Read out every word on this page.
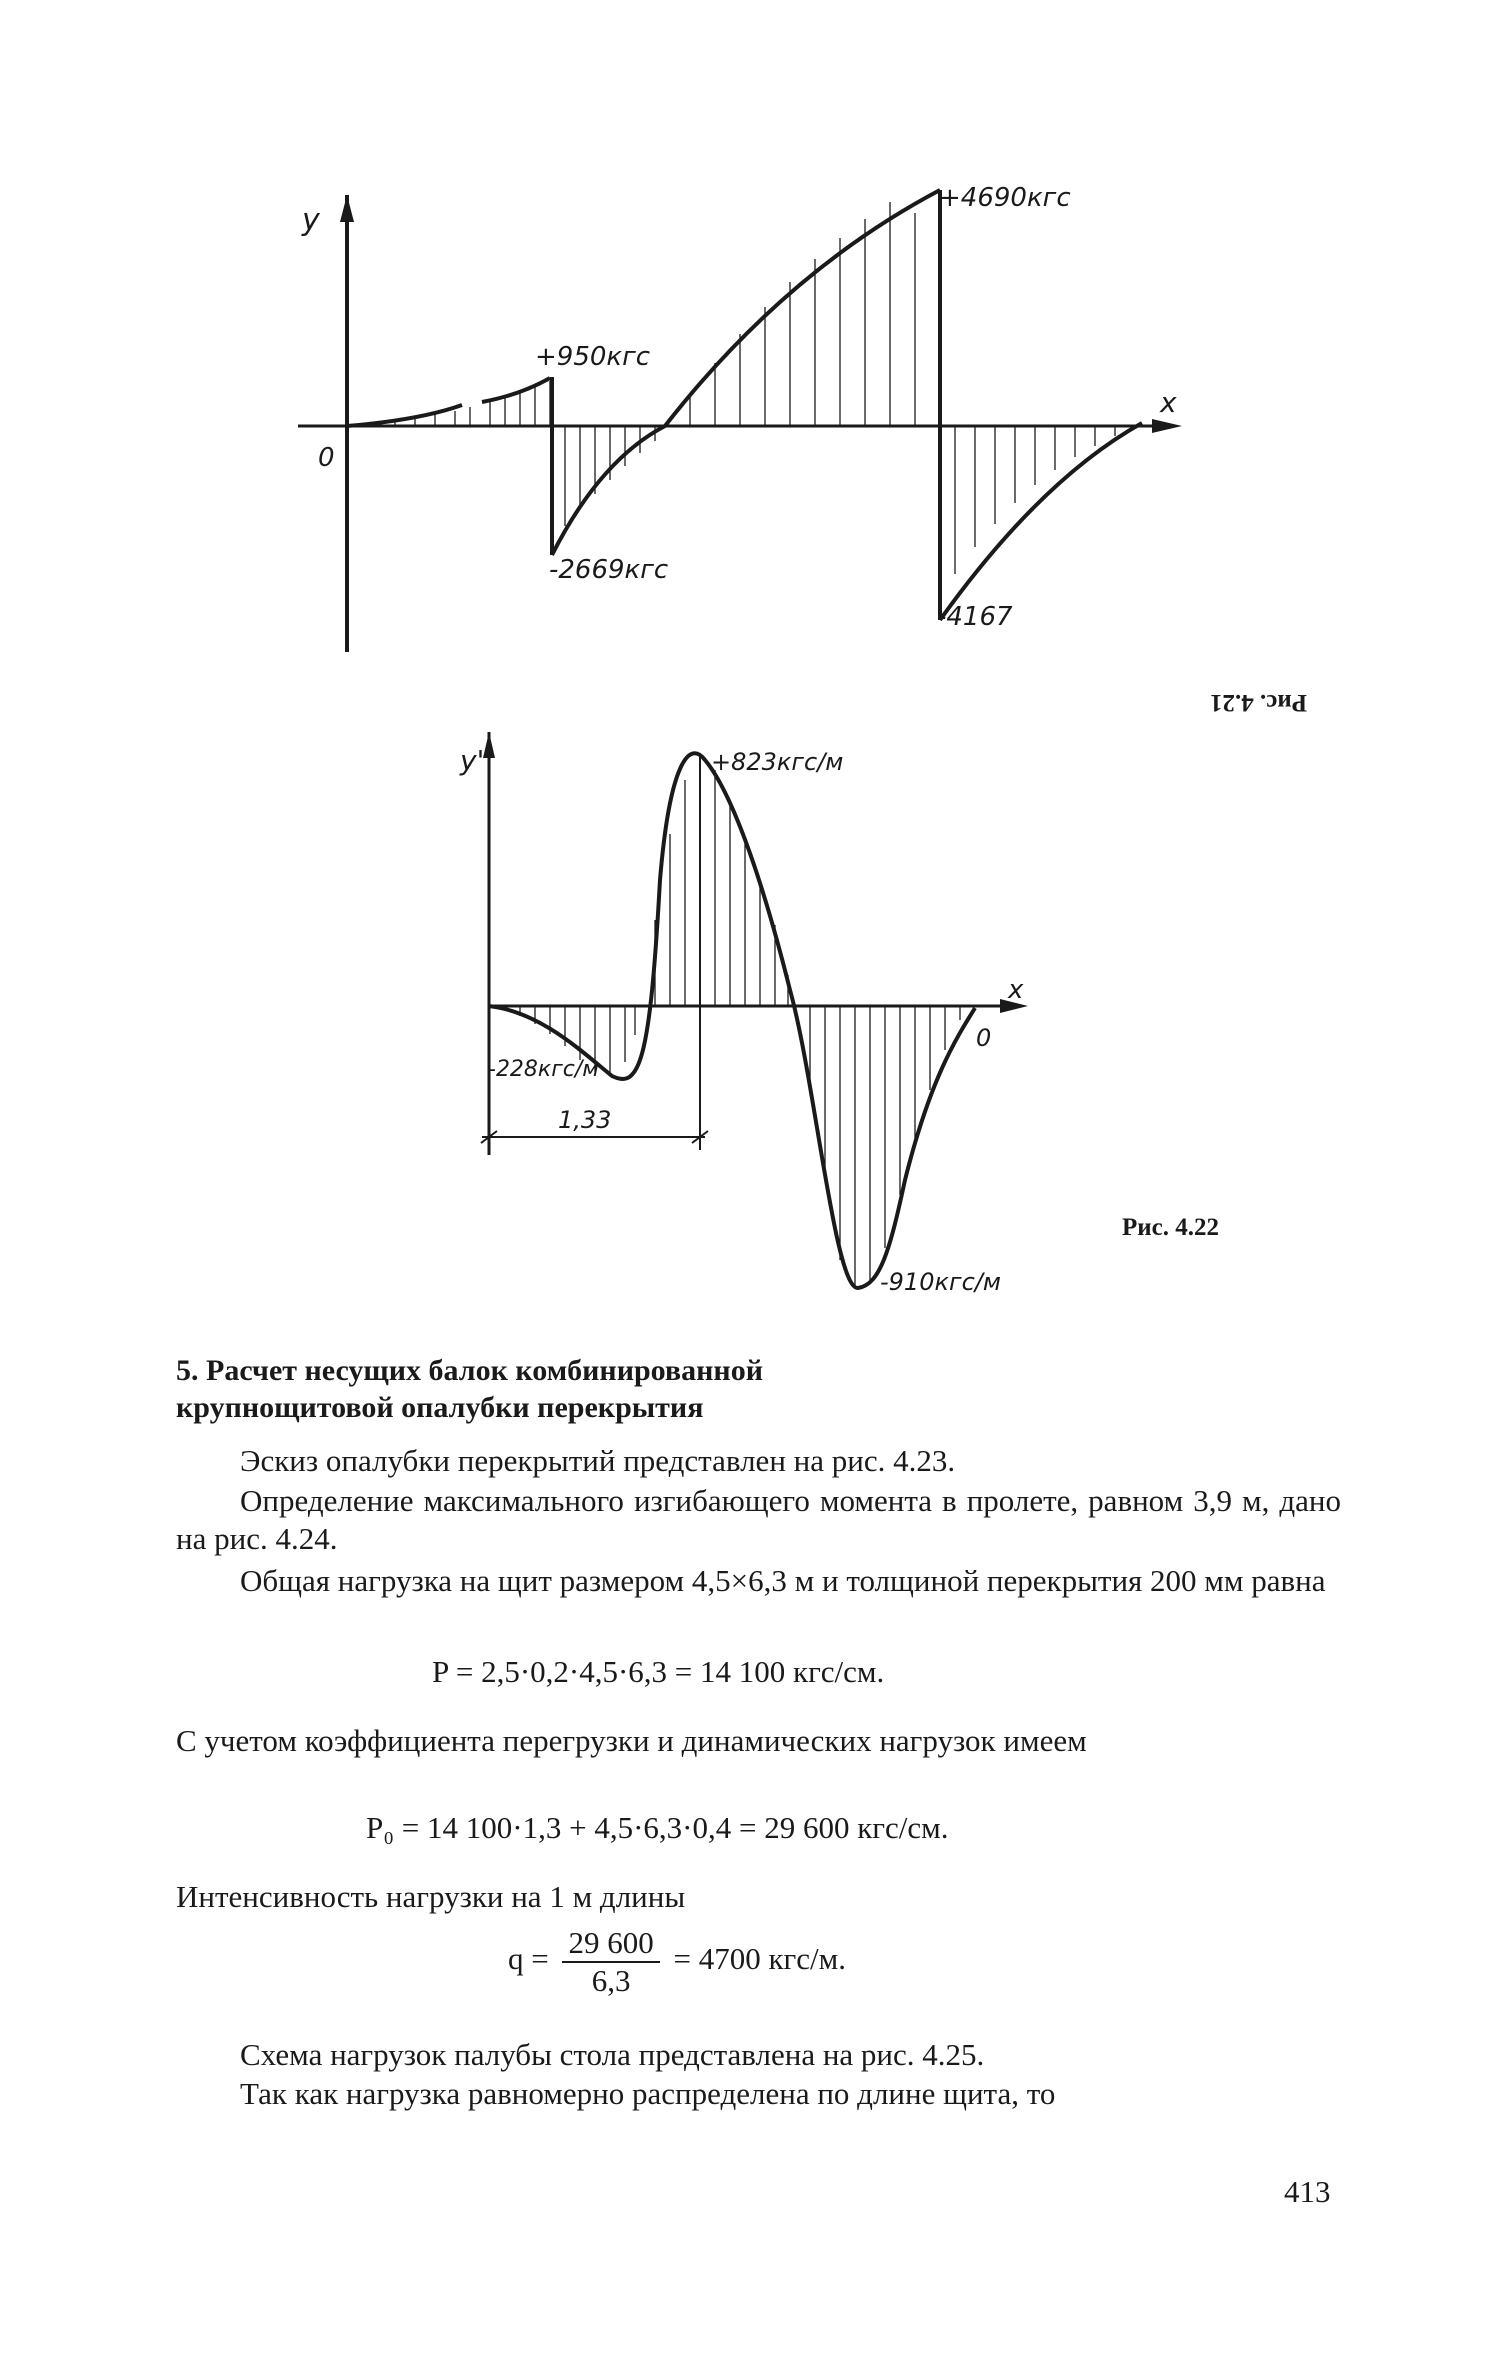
y
x
0
+4690кгс
+950кгс
-2669кгс
-4167
Рис. 4.21
y'
x
0
+823кгс/м
-228кгс/м
-910кгс/м
1,33
Рис. 4.22
5. Расчет несущих балок комбинированной
крупнощитовой опалубки перекрытия
Эскиз опалубки перекрытий представлен на рис. 4.23.
Определение максимального изгибающего момента в пролете, равном 3,9 м, дано на рис. 4.24.
Общая нагрузка на щит размером 4,5×6,3 м и толщиной перекрытия 200 мм равна
P = 2,5·0,2·4,5·6,3 = 14 100 кгс/см.
С учетом коэффициента перегрузки и динамических нагрузок имеем
P₀ = 14 100·1,3 + 4,5·6,3·0,4 = 29 600 кгс/см.
Интенсивность нагрузки на 1 м длины
$q = \frac{29 600}{6,3} = 4700$ кгс/м.
Схема нагрузок палубы стола представлена на рис. 4.25.
Так как нагрузка равномерно распределена по длине щита, то
413
